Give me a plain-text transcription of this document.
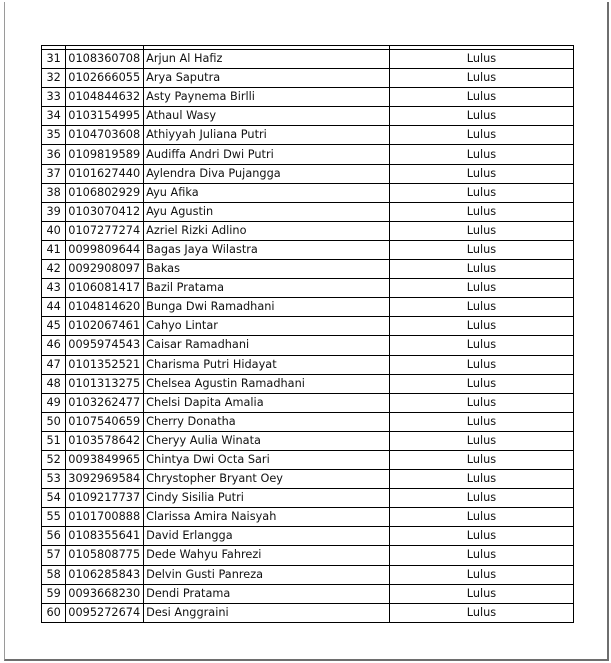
31	0108360708	Arjun Al Hafiz	Lulus
32	0102666055	Arya Saputra	Lulus
33	0104844632	Asty Paynema Birlli	Lulus
34	0103154995	Athaul Wasy	Lulus
35	0104703608	Athiyyah Juliana Putri	Lulus
36	0109819589	Audiffa Andri Dwi Putri	Lulus
37	0101627440	Aylendra Diva Pujangga	Lulus
38	0106802929	Ayu Afika	Lulus
39	0103070412	Ayu Agustin	Lulus
40	0107277274	Azriel Rizki Adlino	Lulus
41	0099809644	Bagas Jaya Wilastra	Lulus
42	0092908097	Bakas	Lulus
43	0106081417	Bazil Pratama	Lulus
44	0104814620	Bunga Dwi Ramadhani	Lulus
45	0102067461	Cahyo Lintar	Lulus
46	0095974543	Caisar Ramadhani	Lulus
47	0101352521	Charisma Putri Hidayat	Lulus
48	0101313275	Chelsea Agustin Ramadhani	Lulus
49	0103262477	Chelsi Dapita Amalia	Lulus
50	0107540659	Cherry Donatha	Lulus
51	0103578642	Cheryy Aulia Winata	Lulus
52	0093849965	Chintya Dwi Octa Sari	Lulus
53	3092969584	Chrystopher Bryant Oey	Lulus
54	0109217737	Cindy Sisilia Putri	Lulus
55	0101700888	Clarissa Amira Naisyah	Lulus
56	0108355641	David Erlangga	Lulus
57	0105808775	Dede Wahyu Fahrezi	Lulus
58	0106285843	Delvin Gusti Panreza	Lulus
59	0093668230	Dendi Pratama	Lulus
60	0095272674	Desi Anggraini	Lulus
